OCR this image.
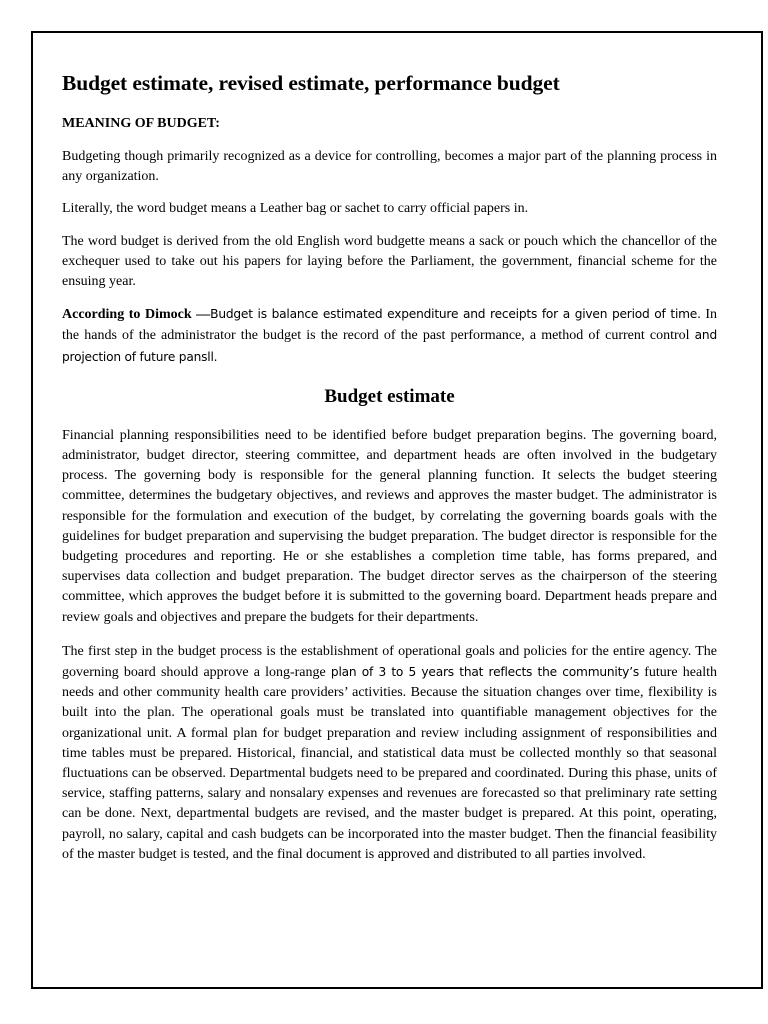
Budget estimate, revised estimate, performance budget
MEANING OF BUDGET:

Budgeting though primarily recognized as a device for controlling, becomes a major part of the planning process in any organization.

Literally, the word budget means a Leather bag or sachet to carry official papers in.

The word budget is derived from the old English word budgette means a sack or pouch which the chancellor of the exchequer used to take out his papers for laying before the Parliament, the government, financial scheme for the ensuing year.

According to Dimock —Budget is balance estimated expenditure and receipts for a given period of time. In the hands of the administrator the budget is the record of the past performance, a method of current control and projection of future pansll.

Budget estimate

Financial planning responsibilities need to be identified before budget preparation begins. The governing board, administrator, budget director, steering committee, and department heads are often involved in the budgetary process. The governing body is responsible for the general planning function. It selects the budget steering committee, determines the budgetary objectives, and reviews and approves the master budget. The administrator is responsible for the formulation and execution of the budget, by correlating the governing boards goals with the guidelines for budget preparation and supervising the budget preparation. The budget director is responsible for the budgeting procedures and reporting. He or she establishes a completion time table, has forms prepared, and supervises data collection and budget preparation. The budget director serves as the chairperson of the steering committee, which approves the budget before it is submitted to the governing board. Department heads prepare and review goals and objectives and prepare the budgets for their departments.

The first step in the budget process is the establishment of operational goals and policies for the entire agency. The governing board should approve a long-range plan of 3 to 5 years that reflects the community’s future health needs and other community health care providers’ activities. Because the situation changes over time, flexibility is built into the plan. The operational goals must be translated into quantifiable management objectives for the organizational unit. A formal plan for budget preparation and review including assignment of responsibilities and time tables must be prepared. Historical, financial, and statistical data must be collected monthly so that seasonal fluctuations can be observed. Departmental budgets need to be prepared and coordinated. During this phase, units of service, staffing patterns, salary and nonsalary expenses and revenues are forecasted so that preliminary rate setting can be done. Next, departmental budgets are revised, and the master budget is prepared. At this point, operating, payroll, no salary, capital and cash budgets can be incorporated into the master budget. Then the financial feasibility of the master budget is tested, and the final document is approved and distributed to all parties involved.
